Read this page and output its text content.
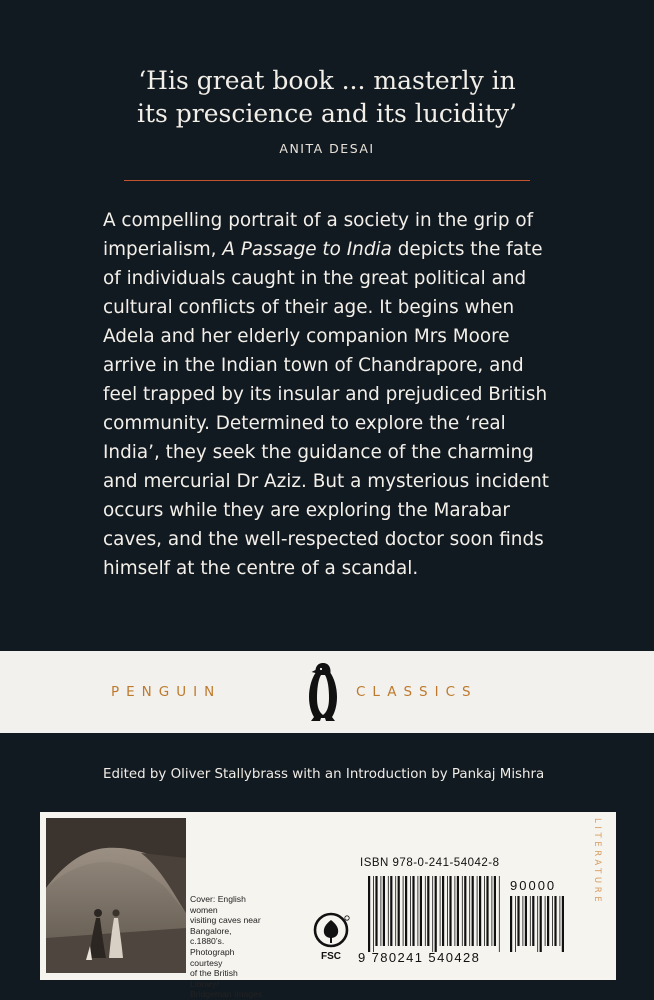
‘His great book ... masterly in
its prescience and its lucidity’
ANITA DESAI

A compelling portrait of a society in the grip of
imperialism, A Passage to India depicts the fate
of individuals caught in the great political and
cultural conflicts of their age. It begins when
Adela and her elderly companion Mrs Moore
arrive in the Indian town of Chandrapore, and
feel trapped by its insular and prejudiced British
community. Determined to explore the ‘real
India’, they seek the guidance of the charming
and mercurial Dr Aziz. But a mysterious incident
occurs while they are exploring the Marabar
caves, and the well-respected doctor soon finds
himself at the centre of a scandal.

PENGUIN	CLASSICS
Edited by Oliver Stallybrass with an Introduction by Pankaj Mishra
Cover: English women
visiting caves near
Bangalore, c.1880’s.
Photograph courtesy
of the British Library/
Bridgeman Images
FSC
ISBN 978-0-241-54042-8
9 780241 540428
90000	LITERATURE
